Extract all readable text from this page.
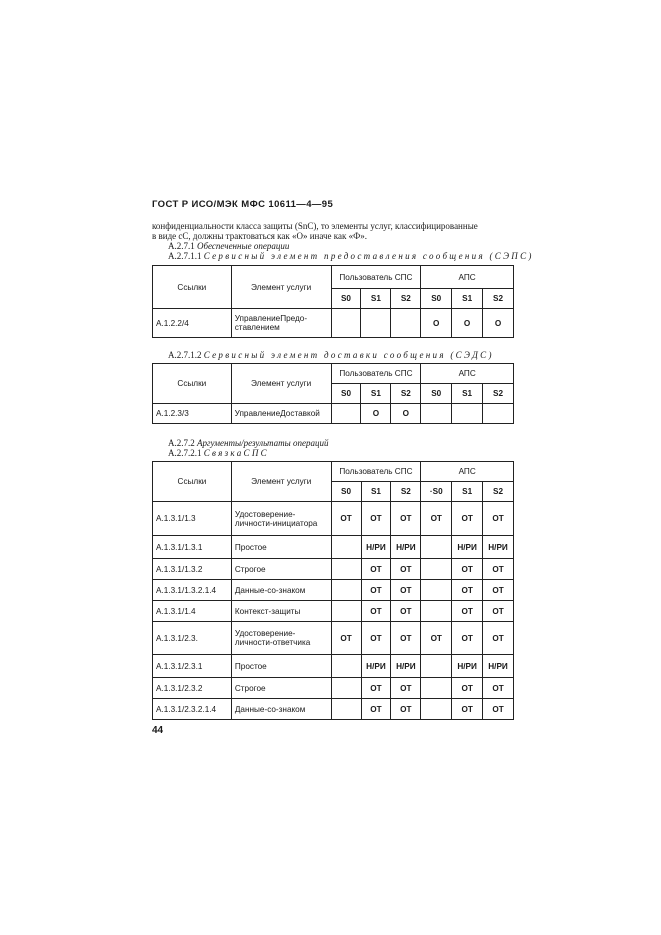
ГОСТ Р ИСО/МЭК МФС 10611—4—95
конфиденциальности класса защиты (SnC), то элементы услуг, классифицированные
в виде сС, должны трактоваться как «О» иначе как «Ф».
А.2.7.1 Обеспеченные операции
А.2.7.1.1 Сервисный элемент предоставления сообщения (СЭПС)
Ссылки	Элемент услуги	Пользователь СПС			АПС		
		S0	S1	S2	S0	S1	S2
А.1.2.2/4	УправлениеПредо-ставлением				О	О	О
А.2.7.1.2 Сервисный элемент доставки сообщения (СЭДС)
Ссылки	Элемент услуги	Пользователь СПС			АПС		
		S0	S1	S2	S0	S1	S2
А.1.2.3/3	УправлениеДоставкой		О	О			
А.2.7.2 Аргументы/результаты операций
А.2.7.2.1 СвязкаСПС
Ссылки	Элемент услуги	Пользователь СПС			АПС		
		S0	S1	S2	·S0	S1	S2
А.1.3.1/1.3	Удостоверение-личности-инициатора	ОТ	ОТ	ОТ	ОТ	ОТ	ОТ
А.1.3.1/1.3.1	Простое		Н/РИ	Н/РИ		Н/РИ	Н/РИ
А.1.3.1/1.3.2	Строгое		ОТ	ОТ		ОТ	ОТ
А.1.3.1/1.3.2.1.4	Данные-со-знаком		ОТ	ОТ		ОТ	ОТ
А.1.3.1/1.4	Контекст-защиты		ОТ	ОТ		ОТ	ОТ
А.1.3.1/2.3.	Удостоверение-личности-ответчика	ОТ	ОТ	ОТ	ОТ	ОТ	ОТ
А.1.3.1/2.3.1	Простое		Н/РИ	Н/РИ		Н/РИ	Н/РИ
А.1.3.1/2.3.2	Строгое		ОТ	ОТ		ОТ	ОТ
А.1.3.1/2.3.2.1.4	Данные-со-знаком		ОТ	ОТ		ОТ	ОТ
44
